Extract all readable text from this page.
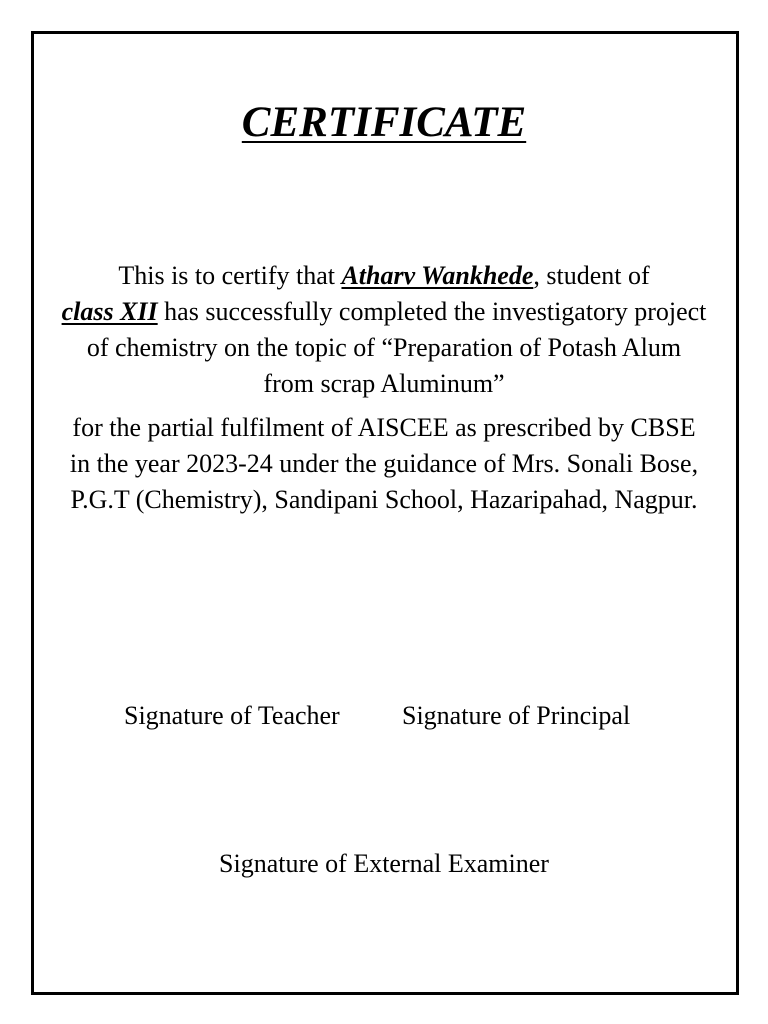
CERTIFICATE
This is to certify that Atharv Wankhede, student of
class XII has successfully completed the investigatory project of chemistry on the topic of “Preparation of Potash Alum from scrap Aluminum”
for the partial fulfilment of AISCEE as prescribed by CBSE in the year 2023-24 under the guidance of Mrs. Sonali Bose, P.G.T (Chemistry), Sandipani School, Hazaripahad, Nagpur.
Signature of Teacher Signature of Principal
Signature of External Examiner
